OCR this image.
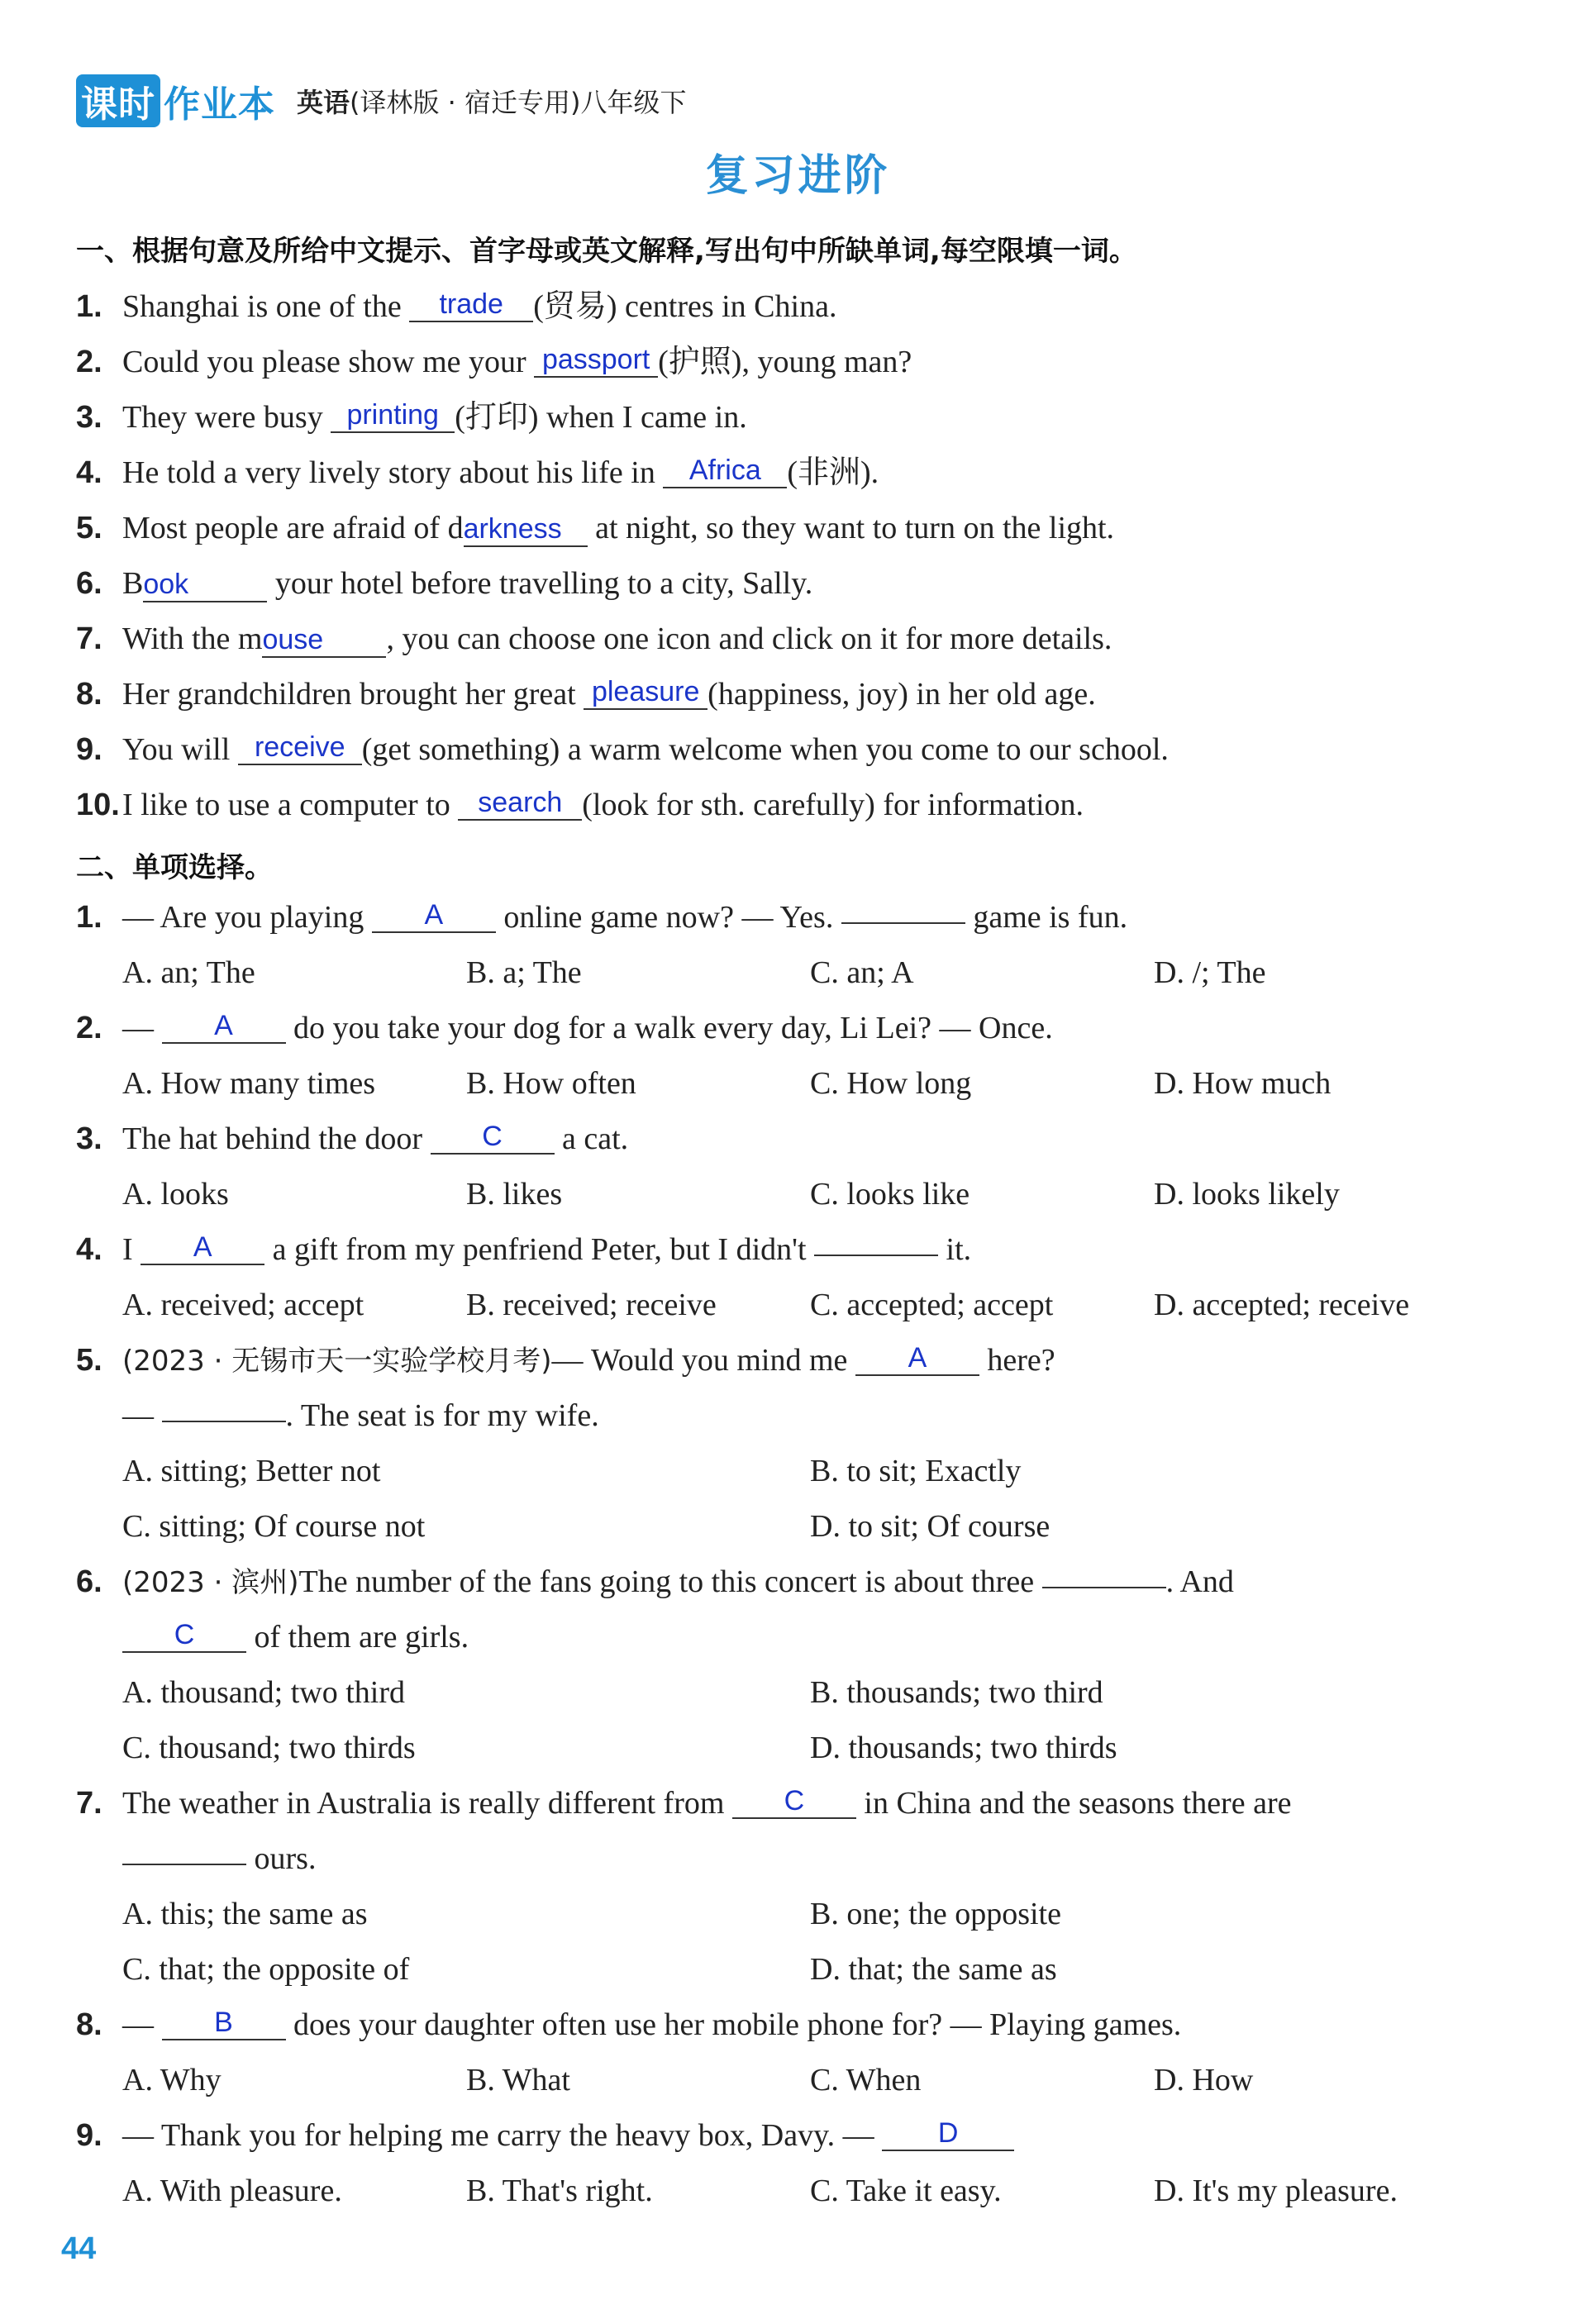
课时 作业本 英语(译林版 · 宿迁专用)八年级下
复习进阶
一、根据句意及所给中文提示、首字母或英文解释,写出句中所缺单词,每空限填一词。
1. Shanghai is one of the trade (贸易) centres in China.
2. Could you please show me your passport (护照), young man?
3. They were busy printing (打印) when I came in.
4. He told a very lively story about his life in Africa (非洲).
5. Most people are afraid of darkness at night, so they want to turn on the light.
6. Book	your hotel before travelling to a city, Sally.
7. With the mouse , you can choose one icon and click on it for more details.
8. Her grandchildren brought her great pleasure (happiness, joy) in her old age.
9. You will receive (get something) a warm welcome when you come to our school.
10.I like to use a computer to search (look for sth. carefully) for information.
二、单项选择。
1. — Are you playing A online game now? — Yes.	game is fun.
A. an; The	B. a; The	C. an; A	D. /; The
2. — A do you take your dog for a walk every day, Li Lei? — Once.
A. How many times	B. How often	C. How long	D. How much
3. The hat behind the door C a cat.
A. looks	B. likes	C. looks like	D. looks likely
4. I A a gift from my penfriend Peter, but I didn't	it.
A. received; accept	B. received; receive	C. accepted; accept	D. accepted; receive
5. (2023 · 无锡市天一实验学校月考)— Would you mind me A here?
—	. The seat is for my wife.
A. sitting; Better not	B. to sit; Exactly
C. sitting; Of course not	D. to sit; Of course
6. (2023 · 滨州)The number of the fans going to this concert is about three	. And
C of them are girls.
A. thousand; two third	B. thousands; two third
C. thousand; two thirds	D. thousands; two thirds
7. The weather in Australia is really different from C in China and the seasons there are
ours.
A. this; the same as	B. one; the opposite
C. that; the opposite of	D. that; the same as
8. — B does your daughter often use her mobile phone for? — Playing games.
A. Why	B. What	C. When	D. How
9. — Thank you for helping me carry the heavy box, Davy. — D
A. With pleasure.	B. That's right.	C. Take it easy.	D. It's my pleasure.
44
